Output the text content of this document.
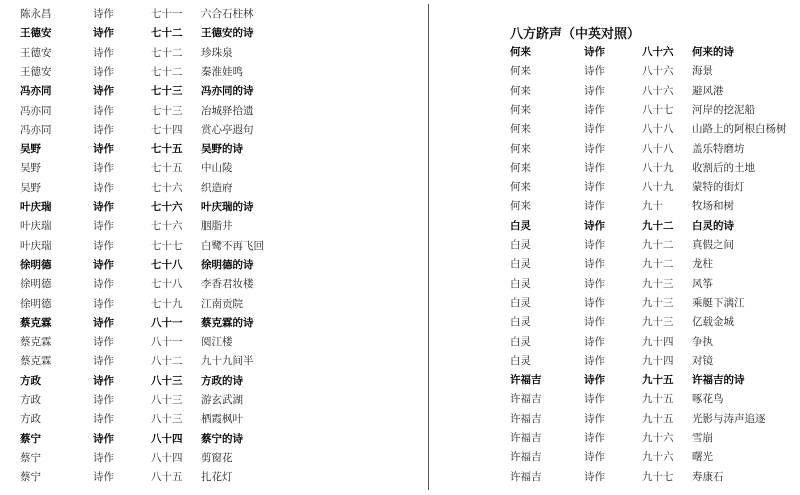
陈永昌	诗作	七十一 六合石柱林
王德安	诗作	七十二 王德安的诗
王德安	诗作	七十二 珍珠泉
王德安	诗作	七十二 秦淮娃鸣
冯亦同	诗作	七十三 冯亦同的诗
冯亦同	诗作	七十三 冶城驿拾遗
冯亦同	诗作	七十四 赏心亭遐句
吴野	诗作	七十五 吴野的诗
吴野	诗作	七十五 中山陵
吴野	诗作	七十六 织造府
叶庆瑞	诗作	七十六 叶庆瑞的诗
叶庆瑞	诗作	七十六 胭脂井
叶庆瑞	诗作	七十七 白鹭不再飞回
徐明德	诗作	七十八 徐明德的诗
徐明德	诗作	七十八 李香君妆楼
徐明德	诗作	七十九 江南贡院
蔡克霖	诗作	八十一 蔡克霖的诗
蔡克霖	诗作	八十一 阅江楼
蔡克霖	诗作	八十二 九十九间半
方政	诗作	八十三 方政的诗
方政	诗作	八十三 游玄武湖
方政	诗作	八十三 栖霞枫叶
蔡宁	诗作	八十四 蔡宁的诗
蔡宁	诗作	八十四 剪窗花
蔡宁	诗作	八十五 扎花灯
八方跻声（中英对照）
何来	诗作	八十六 何来的诗
何来	诗作	八十六 海景
何来	诗作	八十六 避风港
何来	诗作	八十七 河岸的挖泥船
何来	诗作	八十八 山路上的阿根白杨树
何来	诗作	八十八 盖乐特磨坊
何来	诗作	八十九 收割后的土地
何来	诗作	八十九 蒙特的街灯
何来	诗作	九十	牧场和树
白灵	诗作	九十二 白灵的诗
白灵	诗作	九十二 真假之间
白灵	诗作	九十二 龙柱
白灵	诗作	九十三 风筝
白灵	诗作	九十三 乘艇下漓江
白灵	诗作	九十三 亿载金城
白灵	诗作	九十四 争执
白灵	诗作	九十四 对镜
许福吉	诗作	九十五 许福吉的诗
许福吉	诗作	九十五 啄花鸟
许福吉	诗作	九十五 光影与涛声追逐
许福吉	诗作	九十六 雪崩
许福吉	诗作	九十六 曙光
许福吉	诗作	九十七 寿康石
